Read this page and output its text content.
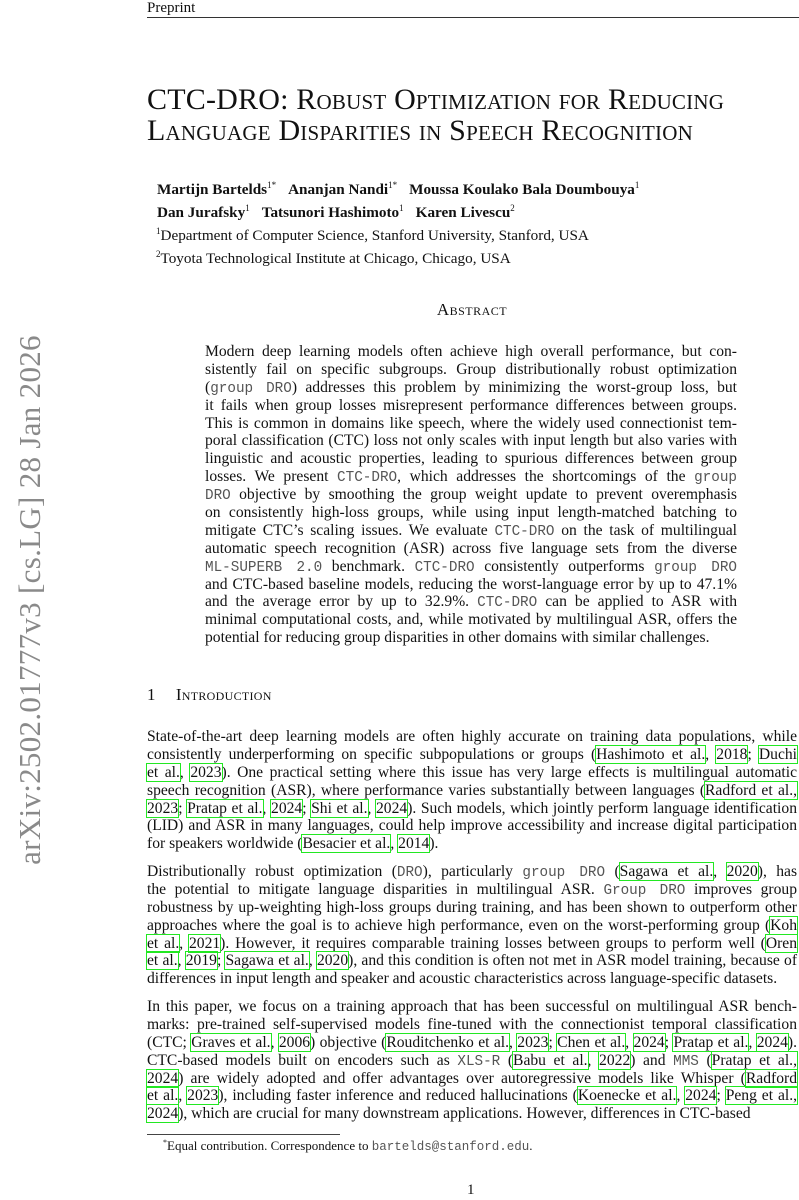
Preprint
arXiv:2502.01777v3 [cs.LG] 28 Jan 2026
CTC-DRO: Robust Optimization for Reducing
Language Disparities in Speech Recognition
Martijn Bartelds$^{1*}$ Ananjan Nandi$^{1*}$ Moussa Koulako Bala Doumbouya$^1$
Dan Jurafsky$^1$ Tatsunori Hashimoto$^1$ Karen Livescu$^2$
$^1$Department of Computer Science, Stanford University, Stanford, USA
$^2$Toyota Technological Institute at Chicago, Chicago, USA
Abstract
Modern deep learning models often achieve high overall performance, but con-
sistently fail on specific subgroups. Group distributionally robust optimization
(group DRO) addresses this problem by minimizing the worst-group loss, but
it fails when group losses misrepresent performance differences between groups.
This is common in domains like speech, where the widely used connectionist tem-
poral classification (CTC) loss not only scales with input length but also varies with
linguistic and acoustic properties, leading to spurious differences between group
losses. We present CTC-DRO, which addresses the shortcomings of the group
DRO objective by smoothing the group weight update to prevent overemphasis
on consistently high-loss groups, while using input length-matched batching to
mitigate CTC’s scaling issues. We evaluate CTC-DRO on the task of multilingual
automatic speech recognition (ASR) across five language sets from the diverse
ML-SUPERB 2.0 benchmark. CTC-DRO consistently outperforms group DRO
and CTC-based baseline models, reducing the worst-language error by up to 47.1%
and the average error by up to 32.9%. CTC-DRO can be applied to ASR with
minimal computational costs, and, while motivated by multilingual ASR, offers the
potential for reducing group disparities in other domains with similar challenges.
1 Introduction
State-of-the-art deep learning models are often highly accurate on training data populations, while
consistently underperforming on specific subpopulations or groups (Hashimoto et al., 2018; Duchi
et al., 2023). One practical setting where this issue has very large effects is multilingual automatic
speech recognition (ASR), where performance varies substantially between languages (Radford et al.,
2023; Pratap et al., 2024; Shi et al., 2024). Such models, which jointly perform language identification
(LID) and ASR in many languages, could help improve accessibility and increase digital participation
for speakers worldwide (Besacier et al., 2014).
Distributionally robust optimization (DRO), particularly group DRO (Sagawa et al., 2020), has
the potential to mitigate language disparities in multilingual ASR. Group DRO improves group
robustness by up-weighting high-loss groups during training, and has been shown to outperform other
approaches where the goal is to achieve high performance, even on the worst-performing group (Koh
et al., 2021). However, it requires comparable training losses between groups to perform well (Oren
et al., 2019; Sagawa et al., 2020), and this condition is often not met in ASR model training, because of
differences in input length and speaker and acoustic characteristics across language-specific datasets.
In this paper, we focus on a training approach that has been successful on multilingual ASR bench-
marks: pre-trained self-supervised models fine-tuned with the connectionist temporal classification
(CTC; Graves et al., 2006) objective (Rouditchenko et al., 2023; Chen et al., 2024; Pratap et al., 2024).
CTC-based models built on encoders such as XLS-R (Babu et al., 2022) and MMS (Pratap et al.,
2024) are widely adopted and offer advantages over autoregressive models like Whisper (Radford
et al., 2023), including faster inference and reduced hallucinations (Koenecke et al., 2024; Peng et al.,
2024), which are crucial for many downstream applications. However, differences in CTC-based
*Equal contribution. Correspondence to bartelds@stanford.edu.
1
